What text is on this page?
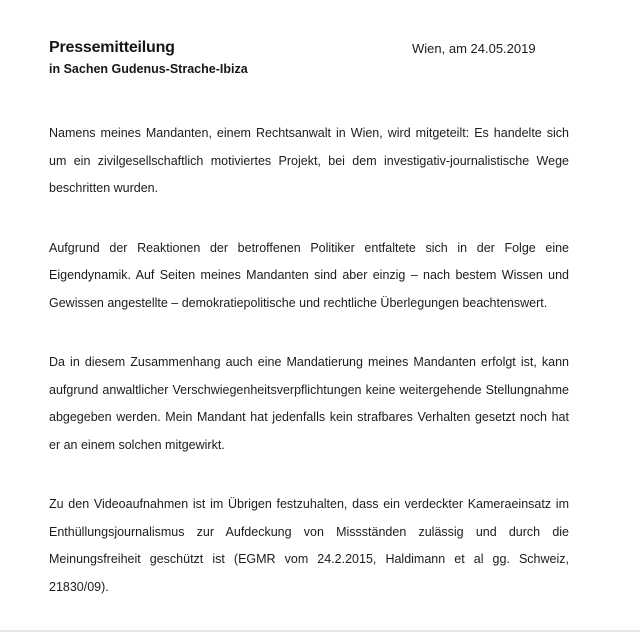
Pressemitteilung
in Sachen Gudenus-Strache-Ibiza
Wien, am 24.05.2019

Namens meines Mandanten, einem Rechtsanwalt in Wien, wird mitgeteilt: Es handelte sich um ein zivilgesellschaftlich motiviertes Projekt, bei dem investigativ-journalistische Wege beschritten wurden.

Aufgrund der Reaktionen der betroffenen Politiker entfaltete sich in der Folge eine Eigendynamik. Auf Seiten meines Mandanten sind aber einzig – nach bestem Wissen und Gewissen angestellte – demokratiepolitische und rechtliche Überlegungen beachtenswert.

Da in diesem Zusammenhang auch eine Mandatierung meines Mandanten erfolgt ist, kann aufgrund anwaltlicher Verschwiegenheitsverpflichtungen keine weitergehende Stellungnahme abgegeben werden. Mein Mandant hat jedenfalls kein strafbares Verhalten gesetzt noch hat er an einem solchen mitgewirkt.

Zu den Videoaufnahmen ist im Übrigen festzuhalten, dass ein verdeckter Kameraeinsatz im Enthüllungsjournalismus zur Aufdeckung von Missständen zulässig und durch die Meinungsfreiheit geschützt ist (EGMR vom 24.2.2015, Haldimann et al gg. Schweiz, 21830/09).
